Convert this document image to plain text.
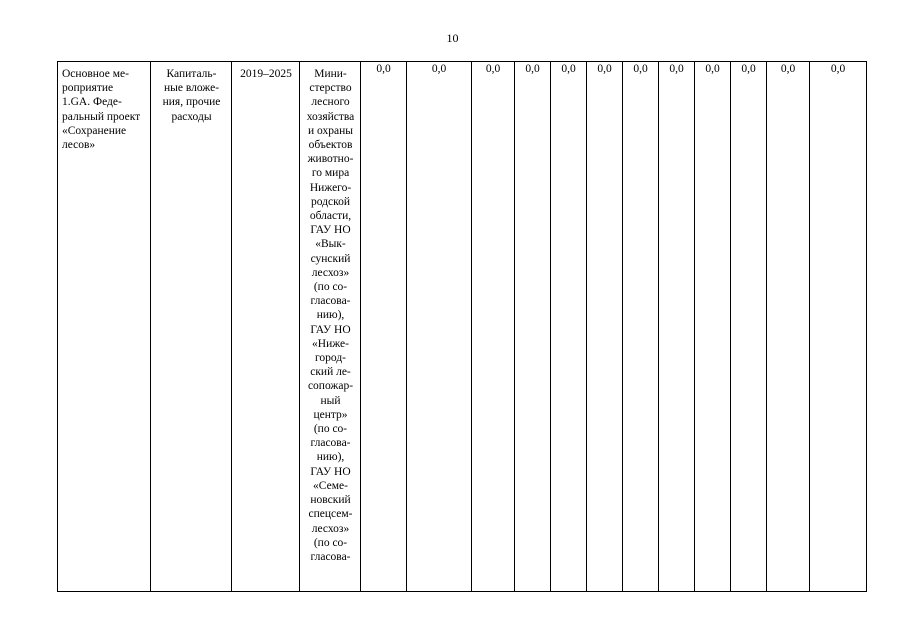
10
Основное ме-
роприятие
1.GA. Феде-
ральный проект
«Сохранение
лесов»

Капиталь-
ные вложе-
ния, прочие
расходы

2019–2025	Мини-
стерство
лесного
хозяйства
и охраны
объектов
животно-
го мира
Нижего-
родской
области,
ГАУ НО
«Вык-
сунский
лесхоз»
(по со-
гласова-
нию),
ГАУ НО
«Ниже-
город-
ский ле-
сопожар-
ный
центр»
(по со-
гласова-
нию),
ГАУ НО
«Семе-
новский
спецсем-
лесхоз»
(по со-
гласова-
	0,0	0,0	0,0	0,0	0,0	0,0	0,0	0,0	0,0	0,0	0,0	0,0
